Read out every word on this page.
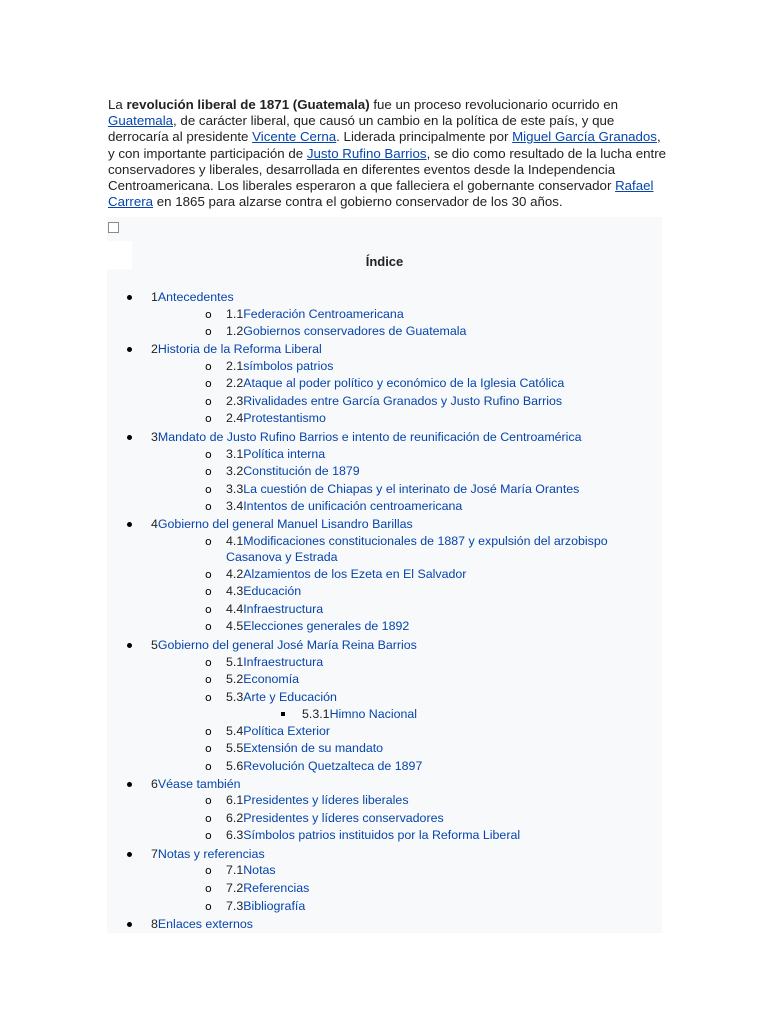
La revolución liberal de 1871 (Guatemala) fue un proceso revolucionario ocurrido en Guatemala, de carácter liberal, que causó un cambio en la política de este país, y que derrocaría al presidente Vicente Cerna. Liderada principalmente por Miguel García Granados, y con importante participación de Justo Rufino Barrios, se dio como resultado de la lucha entre conservadores y liberales, desarrollada en diferentes eventos desde la Independencia Centroamericana. Los liberales esperaron a que falleciera el gobernante conservador Rafael Carrera en 1865 para alzarse contra el gobierno conservador de los 30 años.
Índice
1Antecedentes
o 1.1Federación Centroamericana
o 1.2Gobiernos conservadores de Guatemala
2Historia de la Reforma Liberal
o 2.1símbolos patrios
o 2.2Ataque al poder político y económico de la Iglesia Católica
o 2.3Rivalidades entre García Granados y Justo Rufino Barrios
o 2.4Protestantismo
3Mandato de Justo Rufino Barrios e intento de reunificación de Centroamérica
o 3.1Política interna
o 3.2Constitución de 1879
o 3.3La cuestión de Chiapas y el interinato de José María Orantes
o 3.4Intentos de unificación centroamericana
4Gobierno del general Manuel Lisandro Barillas
o 4.1Modificaciones constitucionales de 1887 y expulsión del arzobispo
Casanova y Estrada
o 4.2Alzamientos de los Ezeta en El Salvador
o 4.3Educación
o 4.4Infraestructura
o 4.5Elecciones generales de 1892
5Gobierno del general José María Reina Barrios
o 5.1Infraestructura
o 5.2Economía
o 5.3Arte y Educación
5.3.1Himno Nacional
o 5.4Política Exterior
o 5.5Extensión de su mandato
o 5.6Revolución Quetzalteca de 1897
6Véase también
o 6.1Presidentes y líderes liberales
o 6.2Presidentes y líderes conservadores
o 6.3Símbolos patrios instituidos por la Reforma Liberal
7Notas y referencias
o 7.1Notas
o 7.2Referencias
o 7.3Bibliografía
8Enlaces externos
